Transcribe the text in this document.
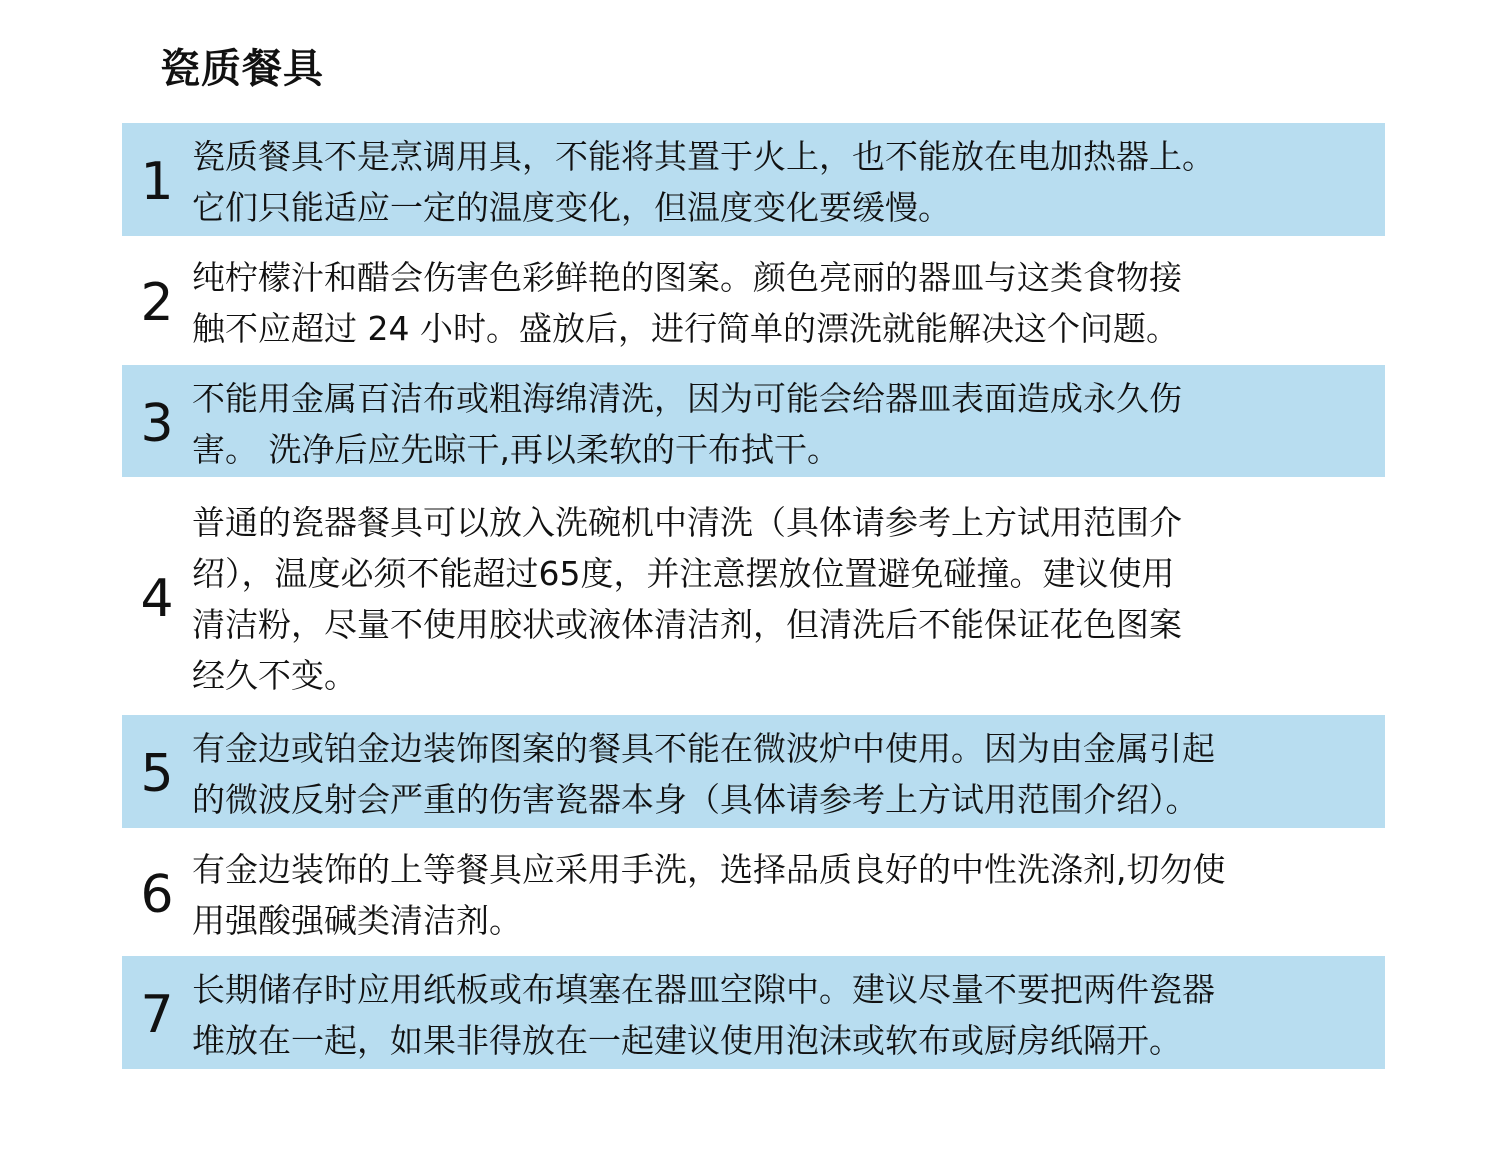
瓷质餐具
1 瓷质餐具不是烹调用具，不能将其置于火上，也不能放在电加热器上。
它们只能适应一定的温度变化，但温度变化要缓慢。
2 纯柠檬汁和醋会伤害色彩鲜艳的图案。颜色亮丽的器皿与这类食物接
触不应超过 24 小时。盛放后，进行简单的漂洗就能解决这个问题。
3 不能用金属百洁布或粗海绵清洗，因为可能会给器皿表面造成永久伤
害。 洗净后应先晾干,再以柔软的干布拭干。
4
普通的瓷器餐具可以放入洗碗机中清洗（具体请参考上方试用范围介
绍），温度必须不能超过65度，并注意摆放位置避免碰撞。建议使用
清洁粉，尽量不使用胶状或液体清洁剂，但清洗后不能保证花色图案
经久不变。
5 有金边或铂金边装饰图案的餐具不能在微波炉中使用。因为由金属引起
的微波反射会严重的伤害瓷器本身（具体请参考上方试用范围介绍）。
6 有金边装饰的上等餐具应采用手洗，选择品质良好的中性洗涤剂,切勿使
用强酸强碱类清洁剂。
7 长期储存时应用纸板或布填塞在器皿空隙中。建议尽量不要把两件瓷器
堆放在一起，如果非得放在一起建议使用泡沫或软布或厨房纸隔开。
